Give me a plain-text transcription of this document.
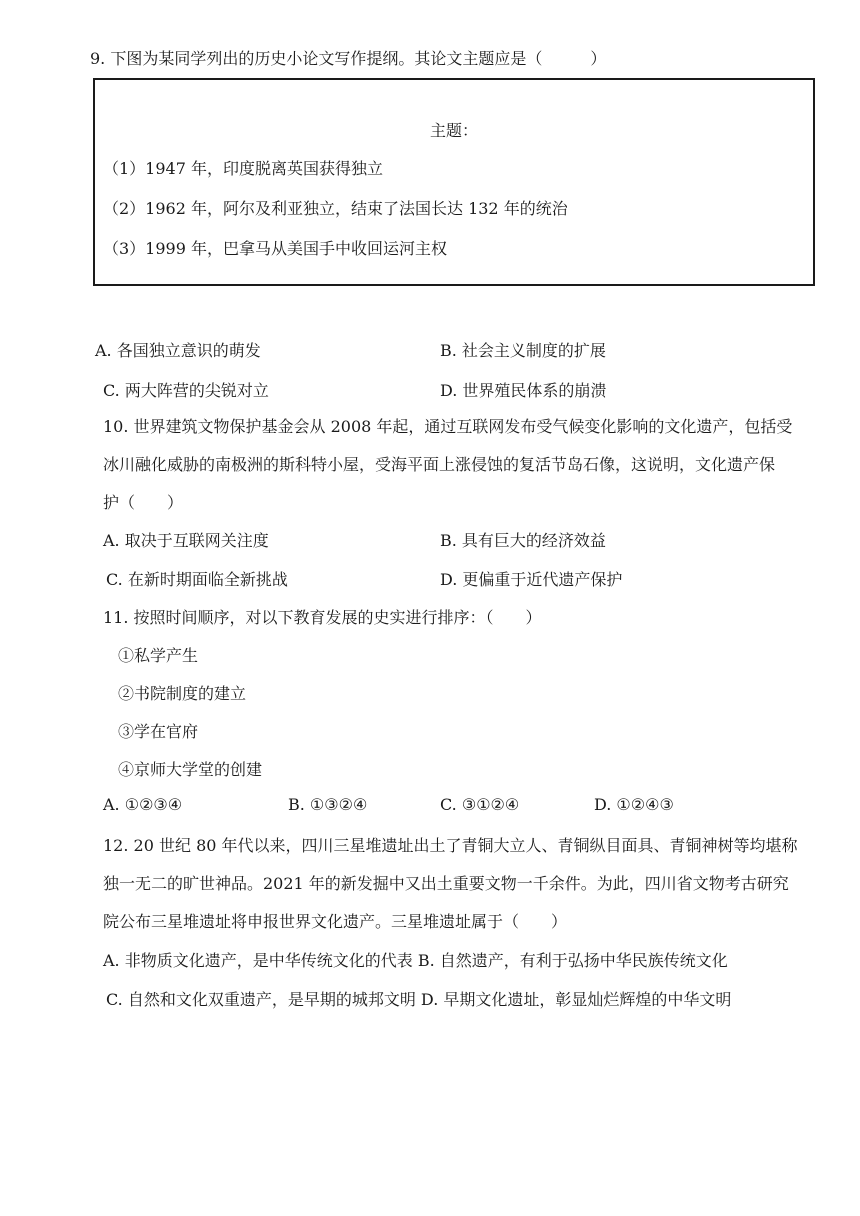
9. 下图为某同学列出的历史小论文写作提纲。其论文主题应是（　　　）
主题：
（1）1947 年，印度脱离英国获得独立
（2）1962 年，阿尔及利亚独立，结束了法国长达 132 年的统治
（3）1999 年，巴拿马从美国手中收回运河主权
A. 各国独立意识的萌发	B. 社会主义制度的扩展
C. 两大阵营的尖锐对立	D. 世界殖民体系的崩溃
10. 世界建筑文物保护基金会从 2008 年起，通过互联网发布受气候变化影响的文化遗产，包括受
冰川融化威胁的南极洲的斯科特小屋，受海平面上涨侵蚀的复活节岛石像，这说明，文化遗产保
护（　　）
A. 取决于互联网关注度	B. 具有巨大的经济效益
C. 在新时期面临全新挑战	D. 更偏重于近代遗产保护
11. 按照时间顺序，对以下教育发展的史实进行排序：（　　）
①私学产生
②书院制度的建立
③学在官府
④京师大学堂的创建
A. ①②③④	B. ①③②④	C. ③①②④	D. ①②④③
12. 20 世纪 80 年代以来，四川三星堆遗址出土了青铜大立人、青铜纵目面具、青铜神树等均堪称
独一无二的旷世神品。2021 年的新发掘中又出土重要文物一千余件。为此，四川省文物考古研究
院公布三星堆遗址将申报世界文化遗产。三星堆遗址属于（　　）
A. 非物质文化遗产，是中华传统文化的代表 B. 自然遗产，有利于弘扬中华民族传统文化
C. 自然和文化双重遗产，是早期的城邦文明 D. 早期文化遗址，彰显灿烂辉煌的中华文明
